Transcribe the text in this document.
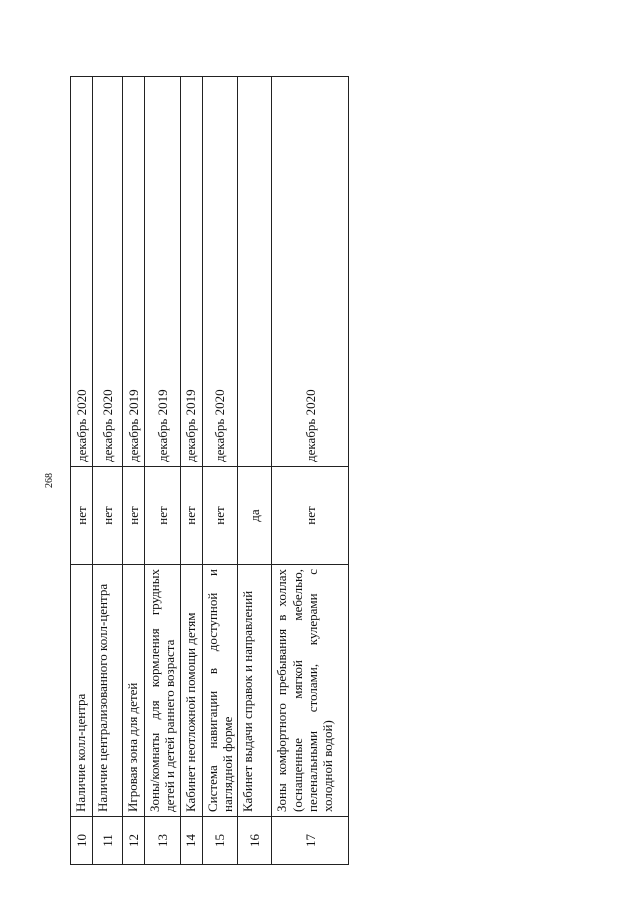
268
10	Наличие колл-центра	нет	декабрь 2020
11	Наличие централизованного колл-центра	нет	декабрь 2020
12	Игровая зона для детей	нет	декабрь 2019
13	Зоны/комнаты для кормления грудных детей и детей раннего возраста	нет	декабрь 2019
14	Кабинет неотложной помощи детям	нет	декабрь 2019
15	Система навигации в доступной и наглядной форме	нет	декабрь 2020
16	Кабинет выдачи справок и направлений	да	
17	Зоны комфортного пребывания в холлах (оснащенные мягкой мебелью, пеленальными столами, кулерами с холодной водой)	нет	декабрь 2020
